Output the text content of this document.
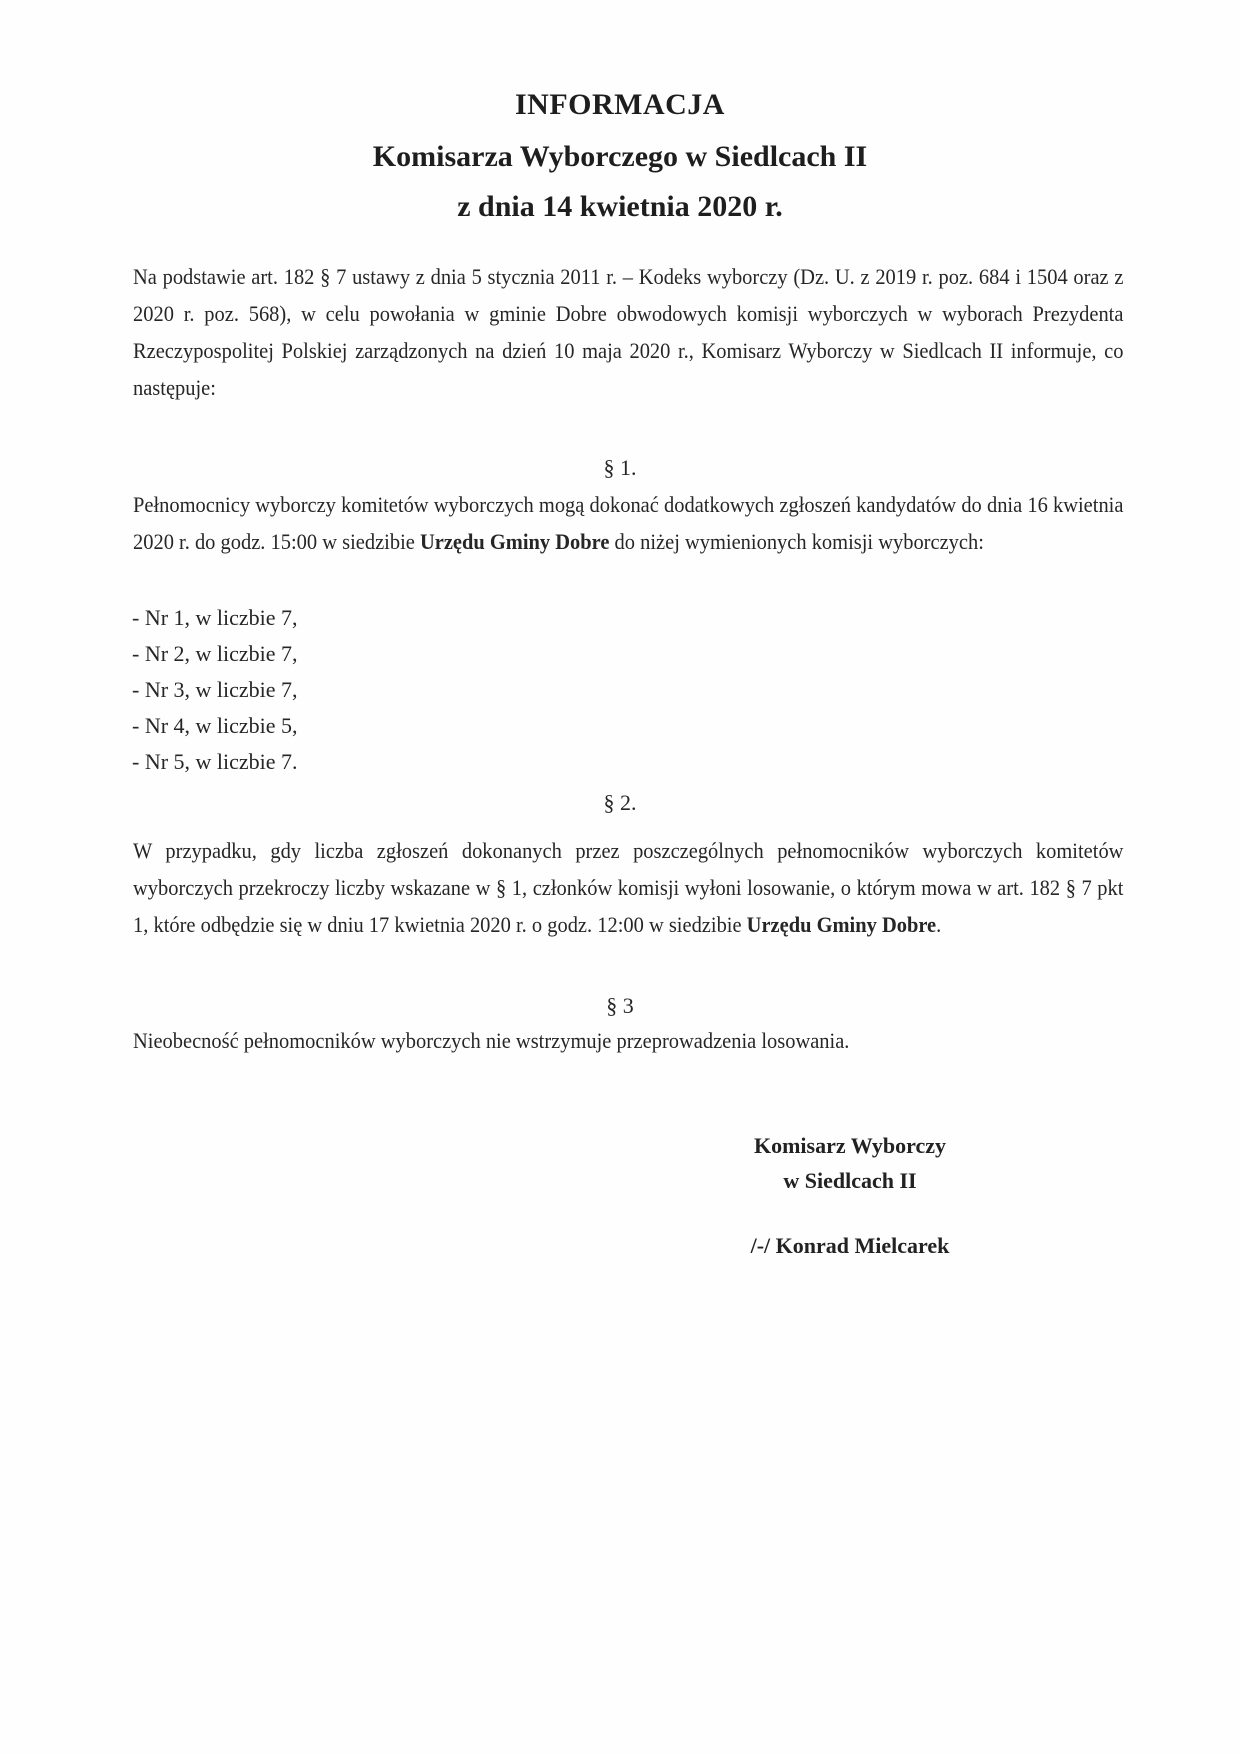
INFORMACJA
Komisarza Wyborczego w Siedlcach II
z dnia 14 kwietnia 2020 r.
Na podstawie art. 182 § 7 ustawy z dnia 5 stycznia 2011 r. – Kodeks wyborczy (Dz. U. z 2019 r. poz. 684 i 1504 oraz z 2020 r. poz. 568), w celu powołania w gminie Dobre obwodowych komisji wyborczych w wyborach Prezydenta Rzeczypospolitej Polskiej zarządzonych na dzień 10 maja 2020 r., Komisarz Wyborczy w Siedlcach II informuje, co następuje:
§ 1.
Pełnomocnicy wyborczy komitetów wyborczych mogą dokonać dodatkowych zgłoszeń kandydatów do dnia 16 kwietnia 2020 r. do godz. 15:00 w siedzibie Urzędu Gminy Dobre do niżej wymienionych komisji wyborczych:
- Nr 1, w liczbie 7,
- Nr 2, w liczbie 7,
- Nr 3, w liczbie 7,
- Nr 4, w liczbie 5,
- Nr 5, w liczbie 7.
§ 2.
W przypadku, gdy liczba zgłoszeń dokonanych przez poszczególnych pełnomocników wyborczych komitetów wyborczych przekroczy liczby wskazane w § 1, członków komisji wyłoni losowanie, o którym mowa w art. 182 § 7 pkt 1, które odbędzie się w dniu 17 kwietnia 2020 r. o godz. 12:00 w siedzibie Urzędu Gminy Dobre.
§ 3
Nieobecność pełnomocników wyborczych nie wstrzymuje przeprowadzenia losowania.
Komisarz Wyborczy
w Siedlcach II
/-/ Konrad Mielcarek
